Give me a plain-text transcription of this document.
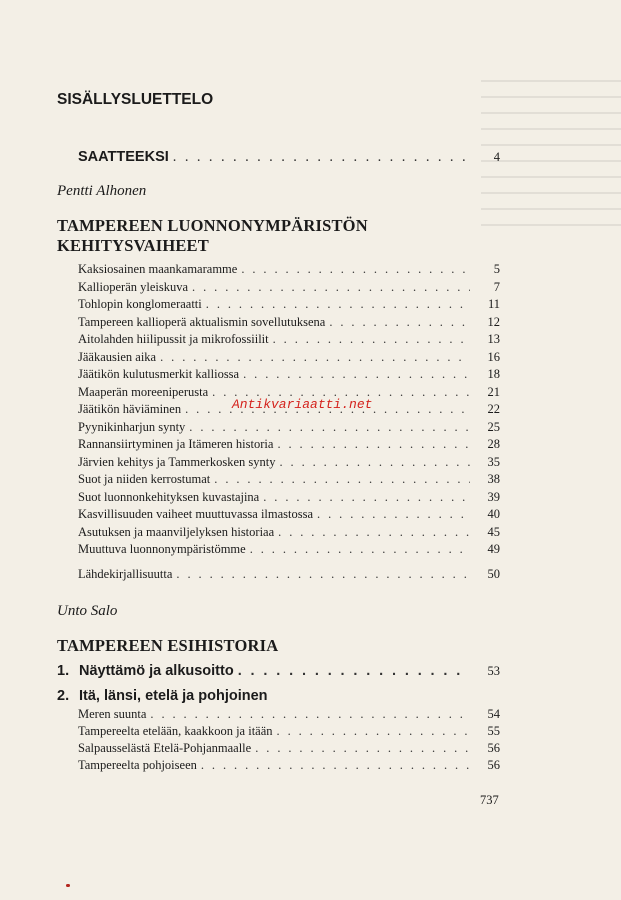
SISÄLLYSLUETTELO
SAATTEEKSI . . .	4
Pentti Alhonen
TAMPEREEN LUONNONYMPÄRISTÖN
KEHITYSVAIHEET
Kaksiosainen maankamaramme . . .	5
Kallioperän yleiskuva . . .	7
Tohlopin konglomeraatti . . .	11
Tampereen kallioperä aktualismin sovellutuksena . . .	12
Aitolahden hiilipussit ja mikrofossiilit . . .	13
Jääkausien aika . . .	16
Jäätikön kulutusmerkit kalliossa . . .	18
Maaperän moreeniperusta . . .	21
Jäätikön häviäminen . . .	22
Pyynikinharjun synty . . .	25
Rannansiirtyminen ja Itämeren historia . . .	28
Järvien kehitys ja Tammerkosken synty . . .	35
Suot ja niiden kerrostumat . . .	38
Suot luonnonkehityksen kuvastajina . . .	39
Kasvillisuuden vaiheet muuttuvassa ilmastossa . . .	40
Asutuksen ja maanviljelyksen historiaa . . .	45
Muuttuva luonnonympäristömme . . .	49
Lähdekirjallisuutta . . .	50
Antikvariaatti.net
Unto Salo
TAMPEREEN ESIHISTORIA
1. Näyttämö ja alkusoitto . . .	53
2. Itä, länsi, etelä ja pohjoinen
Meren suunta . . .	54
Tampereelta etelään, kaakkoon ja itään . . .	55
Salpausselästä Etelä-Pohjanmaalle . . .	56
Tampereelta pohjoiseen . . .	56
737
